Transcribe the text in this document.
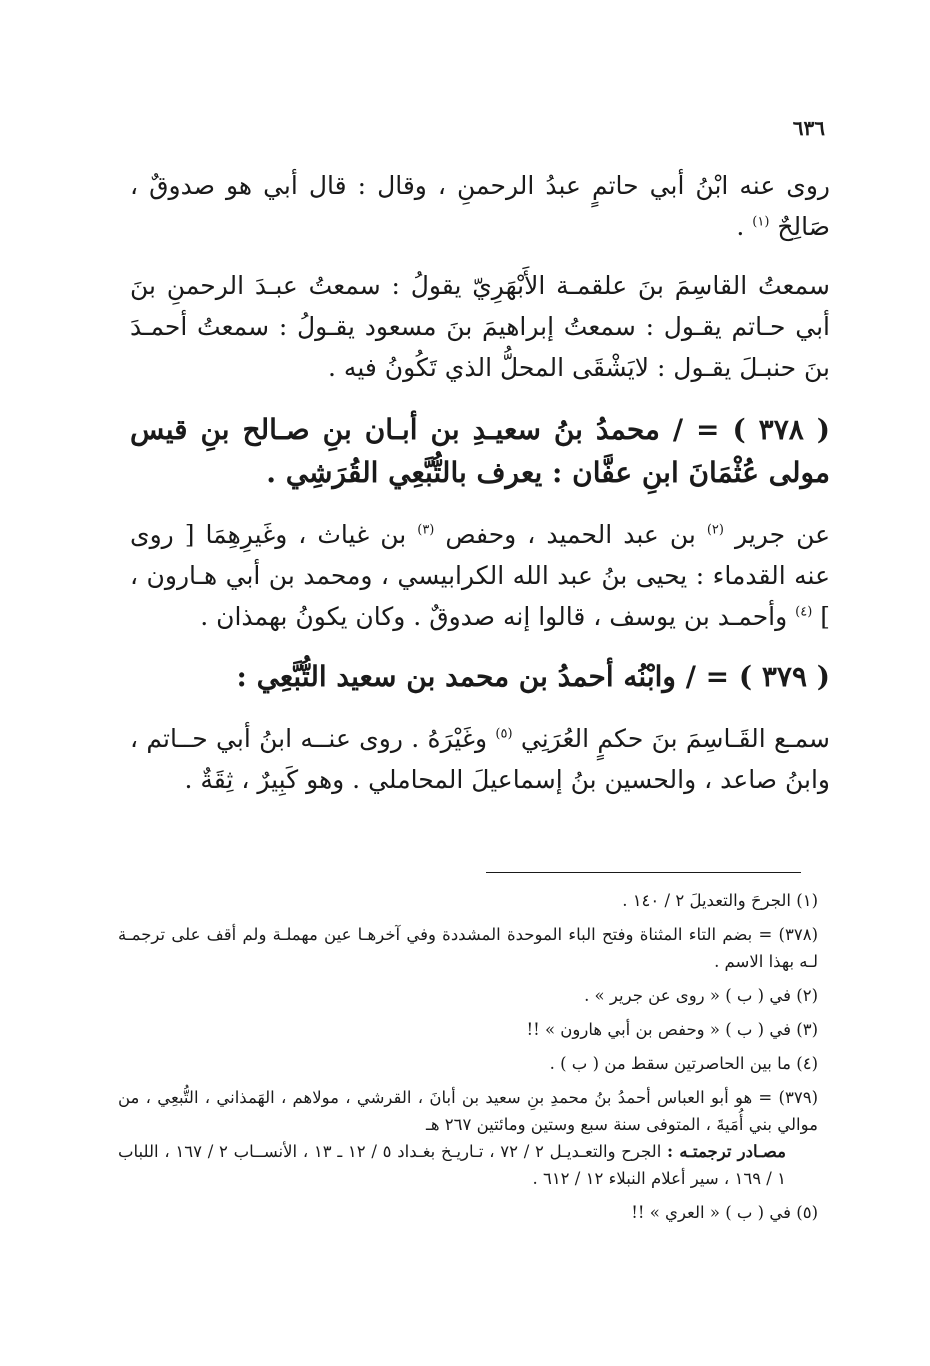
٦٣٦

روى عنه ابْنُ أبي حاتمٍ عبدُ الرحمنِ ، وقال : قال أبي هو صدوقٌ ، صَالِحٌ $^{(١)}$ .

سمعتُ القاسِمَ بنَ علقمـة الأَبْهَرِيّ يقولُ : سمعتُ عبـدَ الرحمنِ بنَ أبي حـاتم يقـول : سمعتُ إبراهيمَ بنَ مسعود يقـولُ : سمعتُ أحمـدَ بنَ حنبـلَ يقـول : لايَشْقَى المحلُّ الذي تَكُونُ فيه .

( ٣٧٨ ) = / محمدُ بنُ سعيـدِ بن أبـان بنِ صـالح بنِ قيس مولى عُثْمَانَ ابنِ عفَّان : يعرف بالتُّبَّعِي القُرَشِي .

عن جرير $^{(٢)}$ بن عبد الحميد ، وحفص $^{(٣)}$ بن غياث ، وغَيرِهِمَا [ روى عنه القدماء : يحيى بنُ عبد الله الكرابيسي ، ومحمد بن أبي هـارون ، ] $^{(٤)}$ وأحمـد بن يوسف ، قالوا إنه صدوقٌ . وكان يكونُ بهمذان .

( ٣٧٩ ) = / وابْنُه أحمدُ بن محمد بن سعيد التُّبَّعِي :

سمـع القَـاسِمَ بنَ حكمٍ العُرَنِي $^{(٥)}$ وغَيْرَهُ . روى عنــه ابنُ أبي حــاتم ، وابنُ صاعد ، والحسين بنُ إسماعيلَ المحاملي . وهو كَبِيرٌ ، ثِقَةٌ .

(١) الجرحَ والتعديلَ ٢ / ١٤٠ .

(٣٧٨) = بضم التاء المثناة وفتح الباء الموحدة المشددة وفي آخرهـا عين مهملـة ولم أقف على ترجمـة لـه بهذا الاسم .

(٢) في ( ب ) « روى عن جرير » .

(٣) في ( ب ) « وحفص بن أبي هارون » !!

(٤) ما بين الحاصرتين سقط من ( ب ) .

(٣٧٩) = هو أبو العباس أحمدُ بنُ محمدِ بنِ سعيد بن أبانَ ، القرشي ، مولاهم ، الهَمذاني ، التُّبعِي ، من موالي بني أُمَيةَ ، المتوفى سنة سبع وستين ومائتين ٢٦٧ هـ

مصـادر ترجمتـه : الجرح والتعـديـل ٢ / ٧٢ ، تـاريـخ بغـداد ٥ / ١٢ ـ ١٣ ، الأنســاب ٢ / ١٦٧ ، اللباب ١ / ١٦٩ ، سير أعلام النبلاء ١٢ / ٦١٢ .

(٥) في ( ب ) « العري » !!
